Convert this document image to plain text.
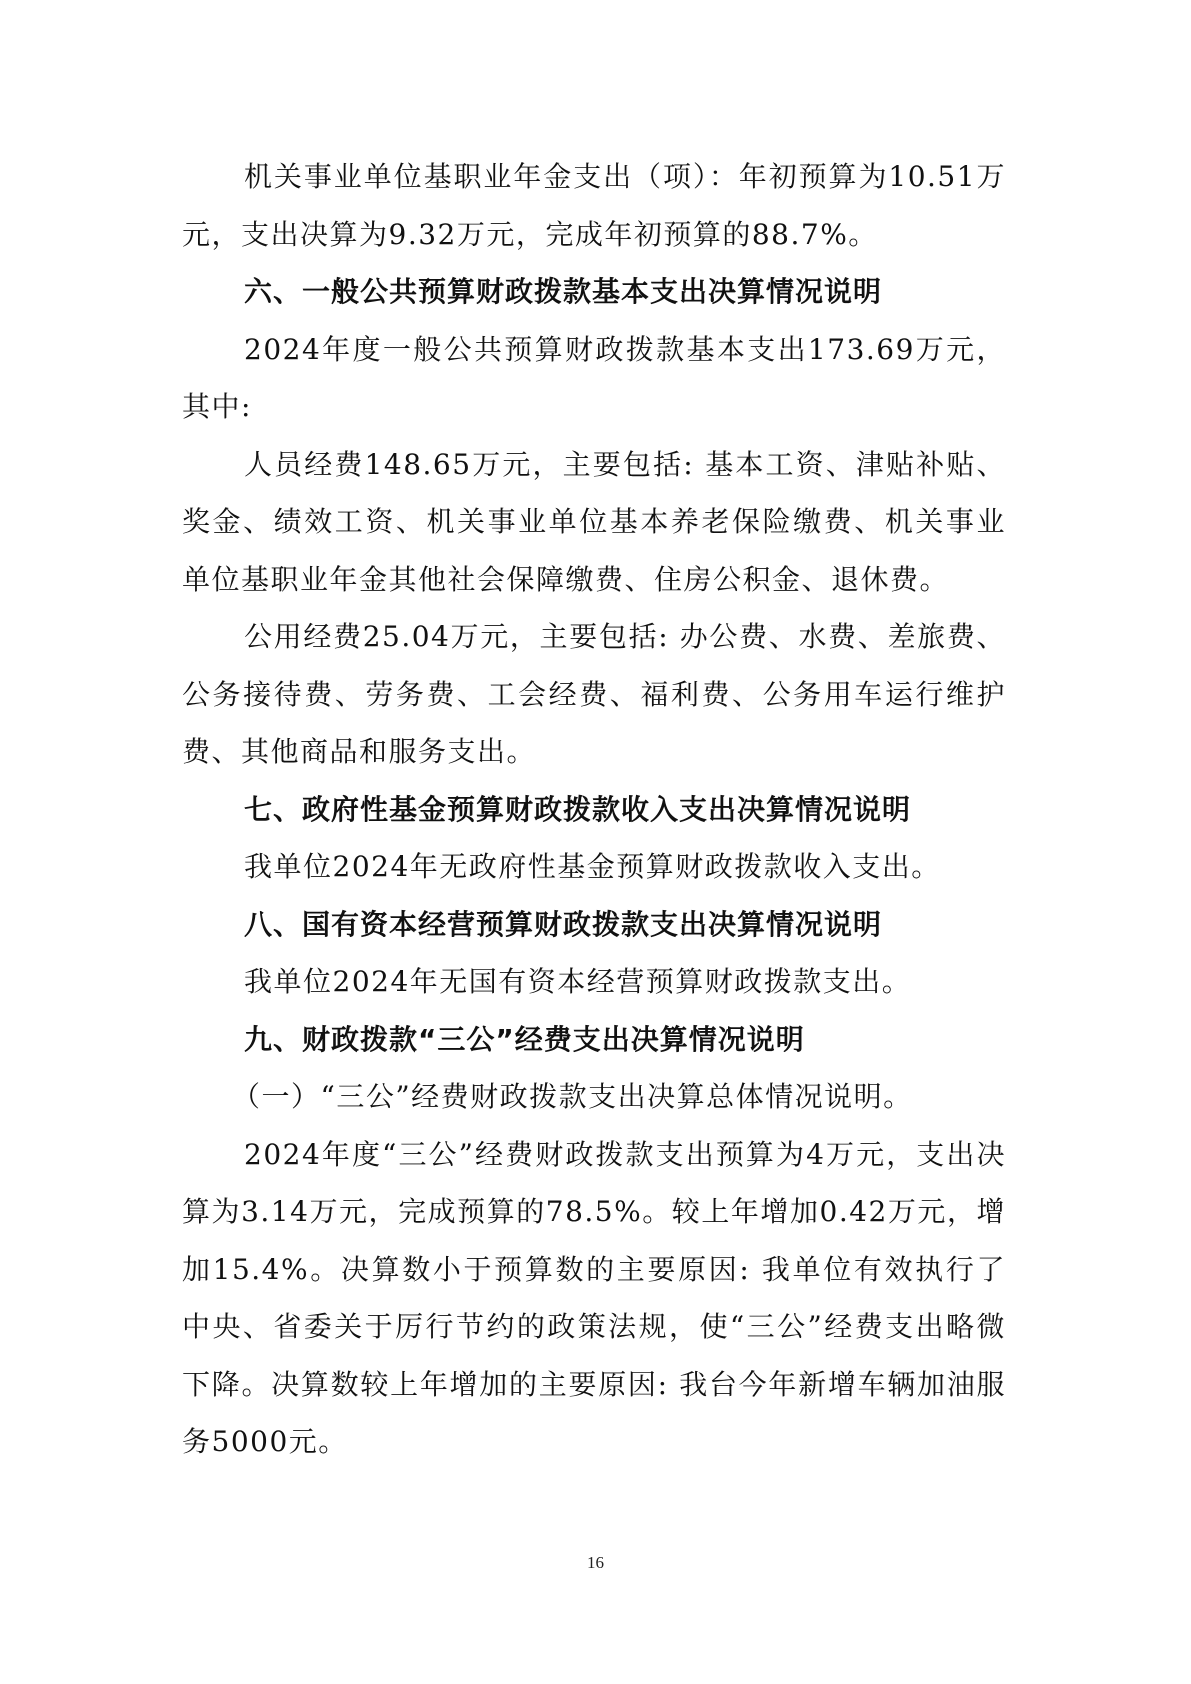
机关事业单位基职业年金支出（项）：年初预算为10.51万元，支出决算为9.32万元，完成年初预算的88.7%。

六、一般公共预算财政拨款基本支出决算情况说明

2024年度一般公共预算财政拨款基本支出173.69万元，其中:

人员经费148.65万元，主要包括: 基本工资、津贴补贴、奖金、绩效工资、机关事业单位基本养老保险缴费、机关事业单位基职业年金其他社会保障缴费、住房公积金、退休费。

公用经费25.04万元，主要包括: 办公费、水费、差旅费、公务接待费、劳务费、工会经费、福利费、公务用车运行维护费、其他商品和服务支出。

七、政府性基金预算财政拨款收入支出决算情况说明

我单位2024年无政府性基金预算财政拨款收入支出。

八、国有资本经营预算财政拨款支出决算情况说明

我单位2024年无国有资本经营预算财政拨款支出。

九、财政拨款“三公”经费支出决算情况说明

（一）“三公”经费财政拨款支出决算总体情况说明。

2024年度“三公”经费财政拨款支出预算为4万元，支出决算为3.14万元，完成预算的78.5%。较上年增加0.42万元，增加15.4%。决算数小于预算数的主要原因: 我单位有效执行了中央、省委关于厉行节约的政策法规，使“三公”经费支出略微下降。决算数较上年增加的主要原因: 我台今年新增车辆加油服务5000元。

16
